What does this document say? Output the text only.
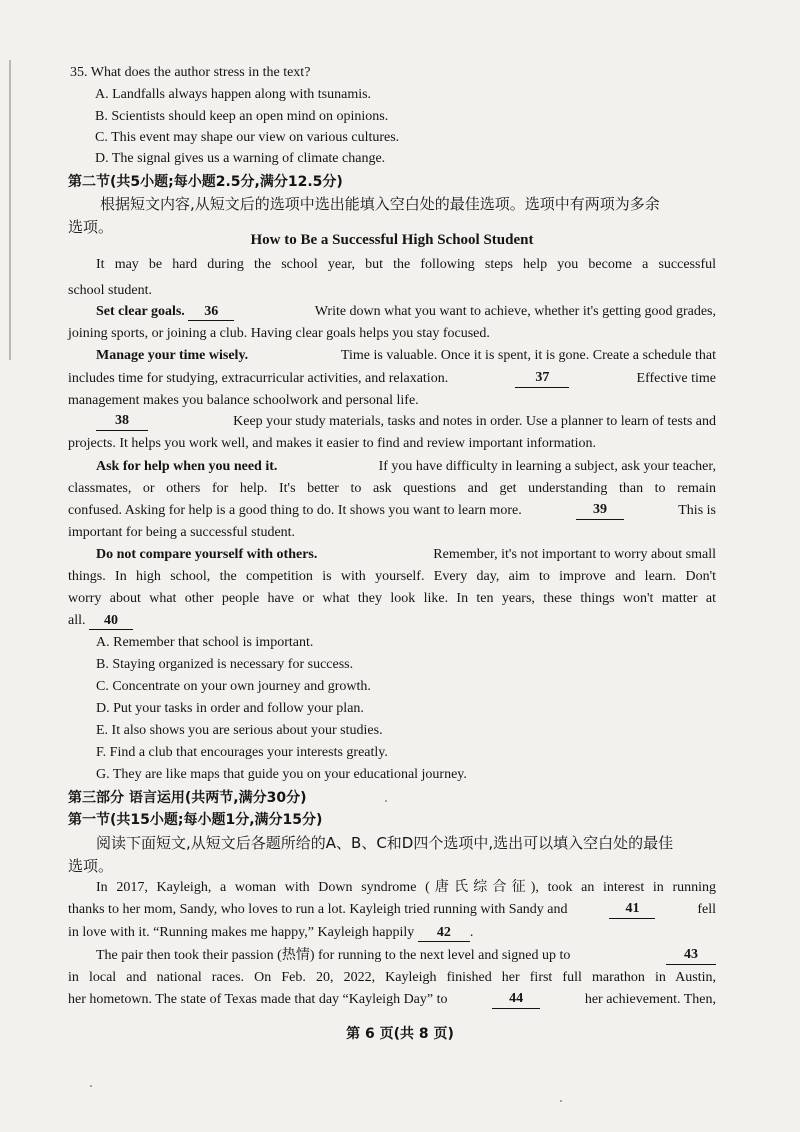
35. What does the author stress in the text?
A. Landfalls always happen along with tsunamis.
B. Scientists should keep an open mind on opinions.
C. This event may shape our view on various cultures.
D. The signal gives us a warning of climate change.
第二节(共5小题;每小题2.5分,满分12.5分)
根据短文内容,从短文后的选项中选出能填入空白处的最佳选项。选项中有两项为多余
选项。
How to Be a Successful High School Student
It may be hard during the school year, but the following steps help you become a successful
school student.
Set clear goals. 36	Write down what you want to achieve, whether it's getting good grades,
joining sports, or joining a club. Having clear goals helps you stay focused.
Manage your time wisely.	Time is valuable. Once it is spent, it is gone. Create a schedule that
includes time for studying, extracurricular activities, and relaxation.	37	Effective time
management makes you balance schoolwork and personal life.
38	Keep your study materials, tasks and notes in order. Use a planner to learn of tests and
projects. It helps you work well, and makes it easier to find and review important information.
Ask for help when you need it.	If you have difficulty in learning a subject, ask your teacher,
classmates, or others for help. It's better to ask questions and get understanding than to remain
confused. Asking for help is a good thing to do. It shows you want to learn more.	39	This is
important for being a successful student.
Do not compare yourself with others.	Remember, it's not important to worry about small
things. In high school, the competition is with yourself. Every day, aim to improve and learn. Don't
worry about what other people have or what they look like. In ten years, these things won't matter at
all. 40
A. Remember that school is important.
B. Staying organized is necessary for success.
C. Concentrate on your own journey and growth.
D. Put your tasks in order and follow your plan.
E. It also shows you are serious about your studies.
F. Find a club that encourages your interests greatly.
G. They are like maps that guide you on your educational journey.
第三部分 语言运用(共两节,满分30分)
第一节(共15小题;每小题1分,满分15分)
阅读下面短文,从短文后各题所给的A、B、C和D四个选项中,选出可以填入空白处的最佳
选项。
In 2017, Kayleigh, a woman with Down syndrome (唐氏综合征), took an interest in running
thanks to her mom, Sandy, who loves to run a lot. Kayleigh tried running with Sandy and	41	fell
in love with it. “Running makes me happy,” Kayleigh happily 42 .
The pair then took their passion (热情) for running to the next level and signed up to	43
in local and national races. On Feb. 20, 2022, Kayleigh finished her first full marathon in Austin,
her hometown. The state of Texas made that day “Kayleigh Day” to	44	her achievement. Then,
第 6 页(共 8 页)
